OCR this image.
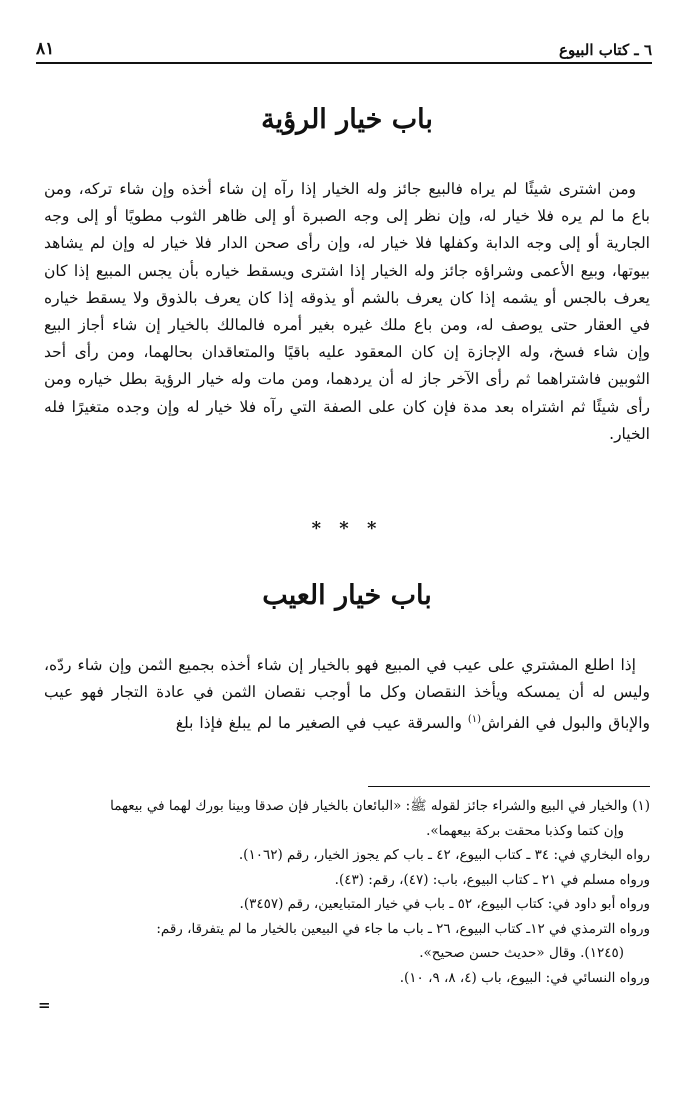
٦ ـ كتاب البيوع
٨١
باب خيار الرؤية
ومن اشترى شيئًا لم يراه فالبيع جائز وله الخيار إذا رآه إن شاء أخذه وإن شاء تركه، ومن باع ما لم يره فلا خيار له، وإن نظر إلى وجه الصبرة أو إلى ظاهر الثوب مطويًا أو إلى وجه الجارية أو إلى وجه الدابة وكفلها فلا خيار له، وإن رأى صحن الدار فلا خيار له وإن لم يشاهد بيوتها، وبيع الأعمى وشراؤه جائز وله الخيار إذا اشترى ويسقط خياره بأن يجس المبيع إذا كان يعرف بالجس أو يشمه إذا كان يعرف بالشم أو يذوقه إذا كان يعرف بالذوق ولا يسقط خياره في العقار حتى يوصف له، ومن باع ملك غيره بغير أمره فالمالك بالخيار إن شاء أجاز البيع وإن شاء فسخ، وله الإجازة إن كان المعقود عليه باقيًا والمتعاقدان بحالهما، ومن رأى أحد الثوبين فاشتراهما ثم رأى الآخر جاز له أن يردهما، ومن مات وله خيار الرؤية بطل خياره ومن رأى شيئًا ثم اشتراه بعد مدة فإن كان على الصفة التي رآه فلا خيار له وإن وجده متغيرًا فله الخيار.
* * *
باب خيار العيب
إذا اطلع المشتري على عيب في المبيع فهو بالخيار إن شاء أخذه بجميع الثمن وإن شاء ردّه، وليس له أن يمسكه ويأخذ النقصان وكل ما أوجب نقصان الثمن في عادة التجار فهو عيب والإباق والبول في الفراش$^{(١)}$ والسرقة عيب في الصغير ما لم يبلغ فإذا بلغ
(١) والخيار في البيع والشراء جائز لقوله ﷺ: «البائعان بالخيار فإن صدقا وبينا بورك لهما في بيعهما
وإن كتما وكذبا محقت بركة بيعهما».
رواه البخاري في: ٣٤ ـ كتاب البيوع، ٤٢ ـ باب كم يجوز الخيار، رقم (١٠٦٢).
ورواه مسلم في ٢١ ـ كتاب البيوع، باب: (٤٧)، رقم: (٤٣).
ورواه أبو داود في: كتاب البيوع، ٥٢ ـ باب في خيار المتبايعين، رقم (٣٤٥٧).
ورواه الترمذي في ١٢ـ كتاب البيوع، ٢٦ ـ باب ما جاء في البيعين بالخيار ما لم يتفرقا، رقم:
(١٢٤٥). وقال «حديث حسن صحيح».
ورواه النسائي في: البيوع، باب (٤، ٨، ٩، ١٠).
=
